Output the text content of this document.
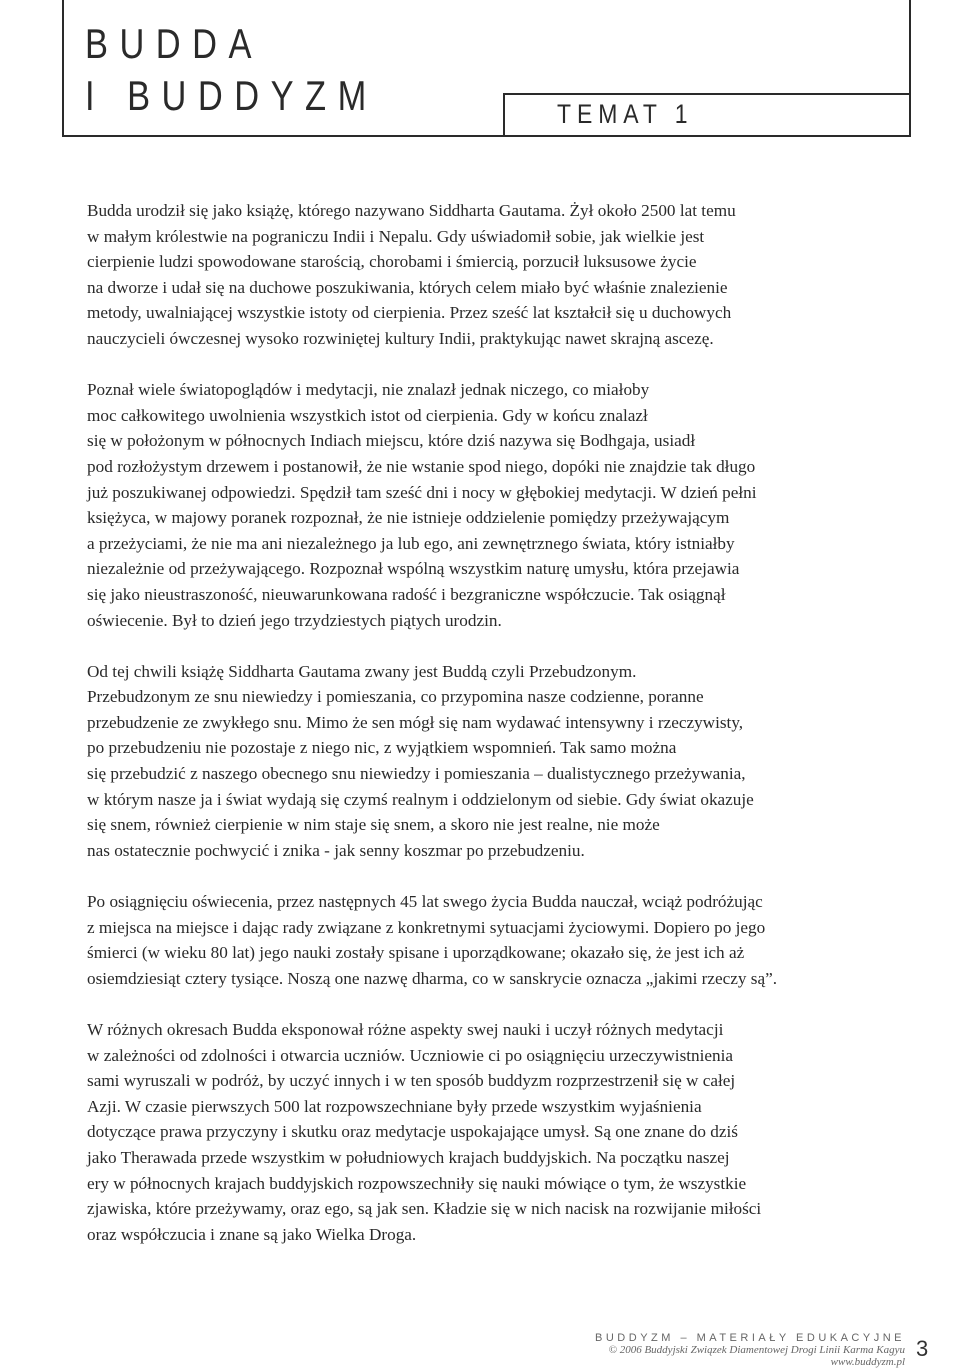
BUDDA
I BUDDYZM	TEMAT 1

Budda urodził się jako książę, którego nazywano Siddharta Gautama. Żył około 2500 lat temu
w małym królestwie na pograniczu Indii i Nepalu. Gdy uświadomił sobie, jak wielkie jest
cierpienie ludzi spowodowane starością, chorobami i śmiercią, porzucił luksusowe życie
na dworze i udał się na duchowe poszukiwania, których celem miało być właśnie znalezienie
metody, uwalniającej wszystkie istoty od cierpienia. Przez sześć lat kształcił się u duchowych
nauczycieli ówczesnej wysoko rozwiniętej kultury Indii, praktykując nawet skrajną ascezę.

Poznał wiele światopoglądów i medytacji, nie znalazł jednak niczego, co miałoby
moc całkowitego uwolnienia wszystkich istot od cierpienia. Gdy w końcu znalazł
się w położonym w północnych Indiach miejscu, które dziś nazywa się Bodhgaja, usiadł
pod rozłożystym drzewem i postanowił, że nie wstanie spod niego, dopóki nie znajdzie tak długo
już poszukiwanej odpowiedzi. Spędził tam sześć dni i nocy w głębokiej medytacji. W dzień pełni
księżyca, w majowy poranek rozpoznał, że nie istnieje oddzielenie pomiędzy przeżywającym
a przeżyciami, że nie ma ani niezależnego ja lub ego, ani zewnętrznego świata, który istniałby
niezależnie od przeżywającego. Rozpoznał wspólną wszystkim naturę umysłu, która przejawia
się jako nieustraszoność, nieuwarunkowana radość i bezgraniczne współczucie. Tak osiągnął
oświecenie. Był to dzień jego trzydziestych piątych urodzin.

Od tej chwili książę Siddharta Gautama zwany jest Buddą czyli Przebudzonym.
Przebudzonym ze snu niewiedzy i pomieszania, co przypomina nasze codzienne, poranne
przebudzenie ze zwykłego snu. Mimo że sen mógł się nam wydawać intensywny i rzeczywisty,
po przebudzeniu nie pozostaje z niego nic, z wyjątkiem wspomnień. Tak samo można
się przebudzić z naszego obecnego snu niewiedzy i pomieszania – dualistycznego przeżywania,
w którym nasze ja i świat wydają się czymś realnym i oddzielonym od siebie. Gdy świat okazuje
się snem, również cierpienie w nim staje się snem, a skoro nie jest realne, nie może
nas ostatecznie pochwycić i znika - jak senny koszmar po przebudzeniu.

Po osiągnięciu oświecenia, przez następnych 45 lat swego życia Budda nauczał, wciąż podróżując
z miejsca na miejsce i dając rady związane z konkretnymi sytuacjami życiowymi. Dopiero po jego
śmierci (w wieku 80 lat) jego nauki zostały spisane i uporządkowane; okazało się, że jest ich aż
osiemdziesiąt cztery tysiące. Noszą one nazwę dharma, co w sanskrycie oznacza „jakimi rzeczy są”.

W różnych okresach Budda eksponował różne aspekty swej nauki i uczył różnych medytacji
w zależności od zdolności i otwarcia uczniów. Uczniowie ci po osiągnięciu urzeczywistnienia
sami wyruszali w podróż, by uczyć innych i w ten sposób buddyzm rozprzestrzenił się w całej
Azji. W czasie pierwszych 500 lat rozpowszechniane były przede wszystkim wyjaśnienia
dotyczące prawa przyczyny i skutku oraz medytacje uspokajające umysł. Są one znane do dziś
jako Therawada przede wszystkim w południowych krajach buddyjskich. Na początku naszej
ery w północnych krajach buddyjskich rozpowszechniły się nauki mówiące o tym, że wszystkie
zjawiska, które przeżywamy, oraz ego, są jak sen. Kładzie się w nich nacisk na rozwijanie miłości
oraz współczucia i znane są jako Wielka Droga.

BUDDYZM – MATERIAŁY EDUKACYJNE
© 2006 Buddyjski Związek Diamentowej Drogi Linii Karma Kagyu
www.buddyzm.pl
3
